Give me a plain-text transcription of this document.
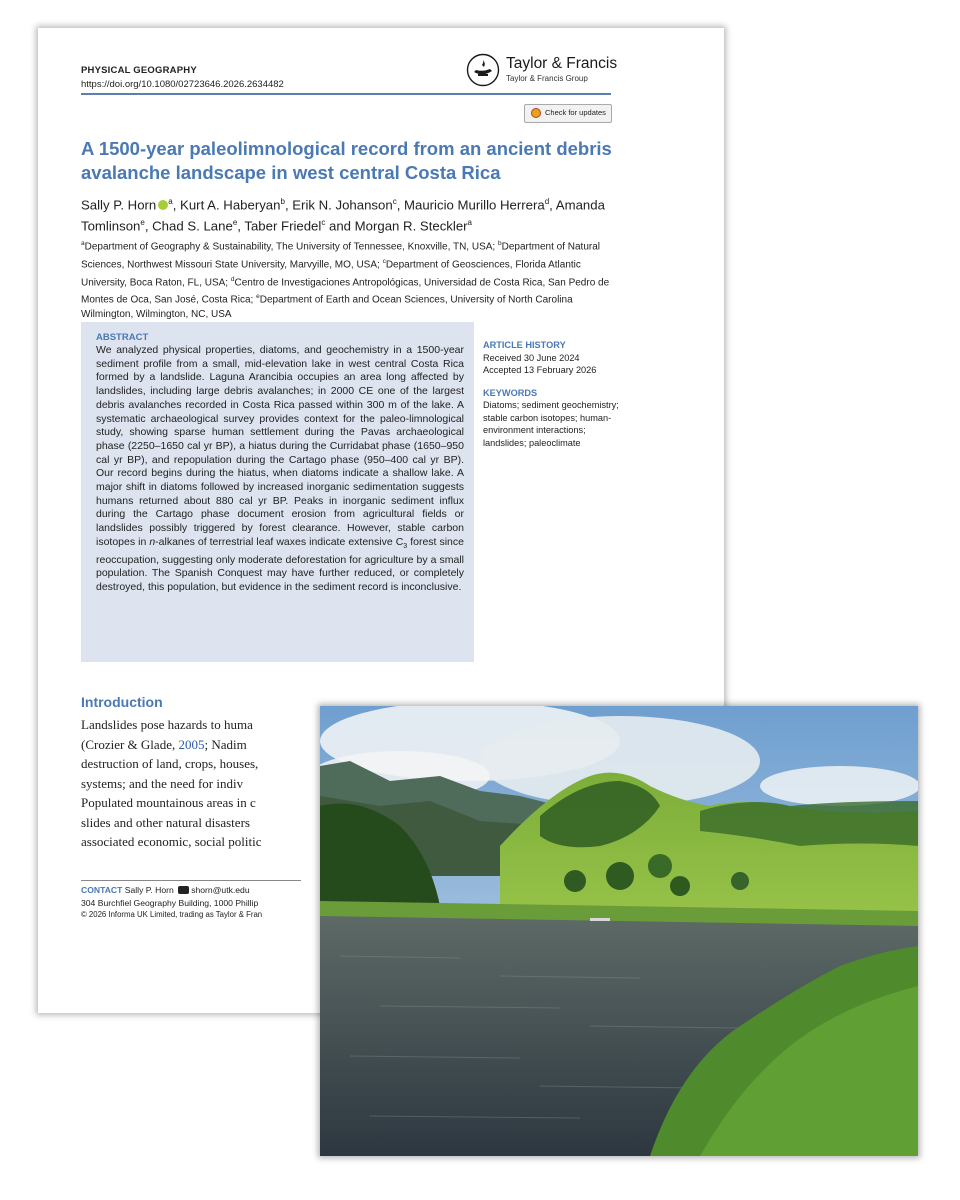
PHYSICAL GEOGRAPHY
https://doi.org/10.1080/02723646.2026.2634482
Taylor & Francis
Taylor & Francis Group
Check for updates
A 1500-year paleolimnological record from an ancient debris avalanche landscape in west central Costa Rica
Sally P. Horn $^a$, Kurt A. Haberyan$^b$, Erik N. Johanson$^c$, Mauricio Murillo Herrera$^d$, Amanda Tomlinson$^e$, Chad S. Lane$^e$, Taber Friedel$^c$ and Morgan R. Steckler$^a$
$^a$Department of Geography & Sustainability, The University of Tennessee, Knoxville, TN, USA; $^b$Department of Natural Sciences, Northwest Missouri State University, Marvyille, MO, USA; $^c$Department of Geosciences, Florida Atlantic University, Boca Raton, FL, USA; $^d$Centro de Investigaciones Antropológicas, Universidad de Costa Rica, San Pedro de Montes de Oca, San José, Costa Rica; $^e$Department of Earth and Ocean Sciences, University of North Carolina Wilmington, Wilmington, NC, USA
ABSTRACT
We analyzed physical properties, diatoms, and geochemistry in a 1500-year sediment profile from a small, mid-elevation lake in west central Costa Rica formed by a landslide. Laguna Arancibia occupies an area long affected by landslides, including large debris avalanches; in 2000 CE one of the largest debris avalanches recorded in Costa Rica passed within 300 m of the lake. A systematic archaeological survey provides context for the paleo-limnological study, showing sparse human settlement during the Pavas archaeological phase (2250–1650 cal yr BP), a hiatus during the Curridabat phase (1650–950 cal yr BP), and repopulation during the Cartago phase (950–400 cal yr BP). Our record begins during the hiatus, when diatoms indicate a shallow lake. A major shift in diatoms followed by increased inorganic sedimentation suggests humans returned about 880 cal yr BP. Peaks in inorganic sediment influx during the Cartago phase document erosion from agricultural fields or landslides possibly triggered by forest clearance. However, stable carbon isotopes in n-alkanes of terrestrial leaf waxes indicate extensive $C_3$ forest since reoccupation, suggesting only moderate deforestation for agriculture by a small population. The Spanish Conquest may have further reduced, or completely destroyed, this population, but evidence in the sediment record is inconclusive.
ARTICLE HISTORY
Received 30 June 2024
Accepted 13 February 2026
KEYWORDS
Diatoms; sediment geochemistry; stable carbon isotopes; human-environment interactions; landslides; paleoclimate
Introduction
Landslides pose hazards to huma
(Crozier & Glade, 2005; Nadim
destruction of land, crops, houses,
systems; and the need for indiv
Populated mountainous areas in c
slides and other natural disasters
associated economic, social politic
CONTACT Sally P. Horn shorn@utk.edu
304 Burchfiel Geography Building, 1000 Phillip
© 2026 Informa UK Limited, trading as Taylor & Fran
